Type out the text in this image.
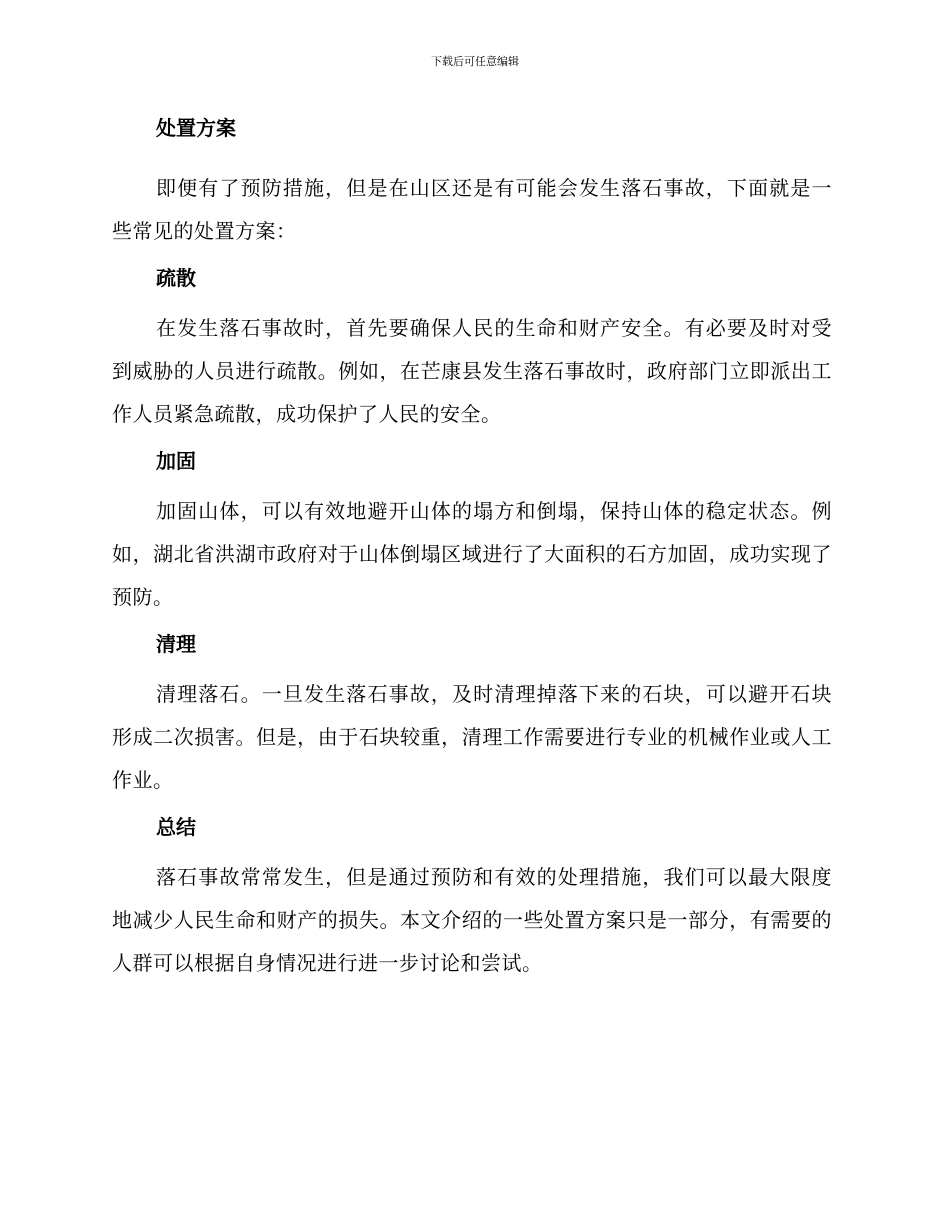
下载后可任意编辑
处置方案

即便有了预防措施，但是在山区还是有可能会发生落石事故，下面就是一些常见的处置方案：

疏散

在发生落石事故时，首先要确保人民的生命和财产安全。有必要及时对受到威胁的人员进行疏散。例如，在芒康县发生落石事故时，政府部门立即派出工作人员紧急疏散，成功保护了人民的安全。

加固

加固山体，可以有效地避开山体的塌方和倒塌，保持山体的稳定状态。例如，湖北省洪湖市政府对于山体倒塌区域进行了大面积的石方加固，成功实现了预防。

清理

清理落石。一旦发生落石事故，及时清理掉落下来的石块，可以避开石块形成二次损害。但是，由于石块较重，清理工作需要进行专业的机械作业或人工作业。

总结

落石事故常常发生，但是通过预防和有效的处理措施，我们可以最大限度地减少人民生命和财产的损失。本文介绍的一些处置方案只是一部分，有需要的人群可以根据自身情况进行进一步讨论和尝试。
